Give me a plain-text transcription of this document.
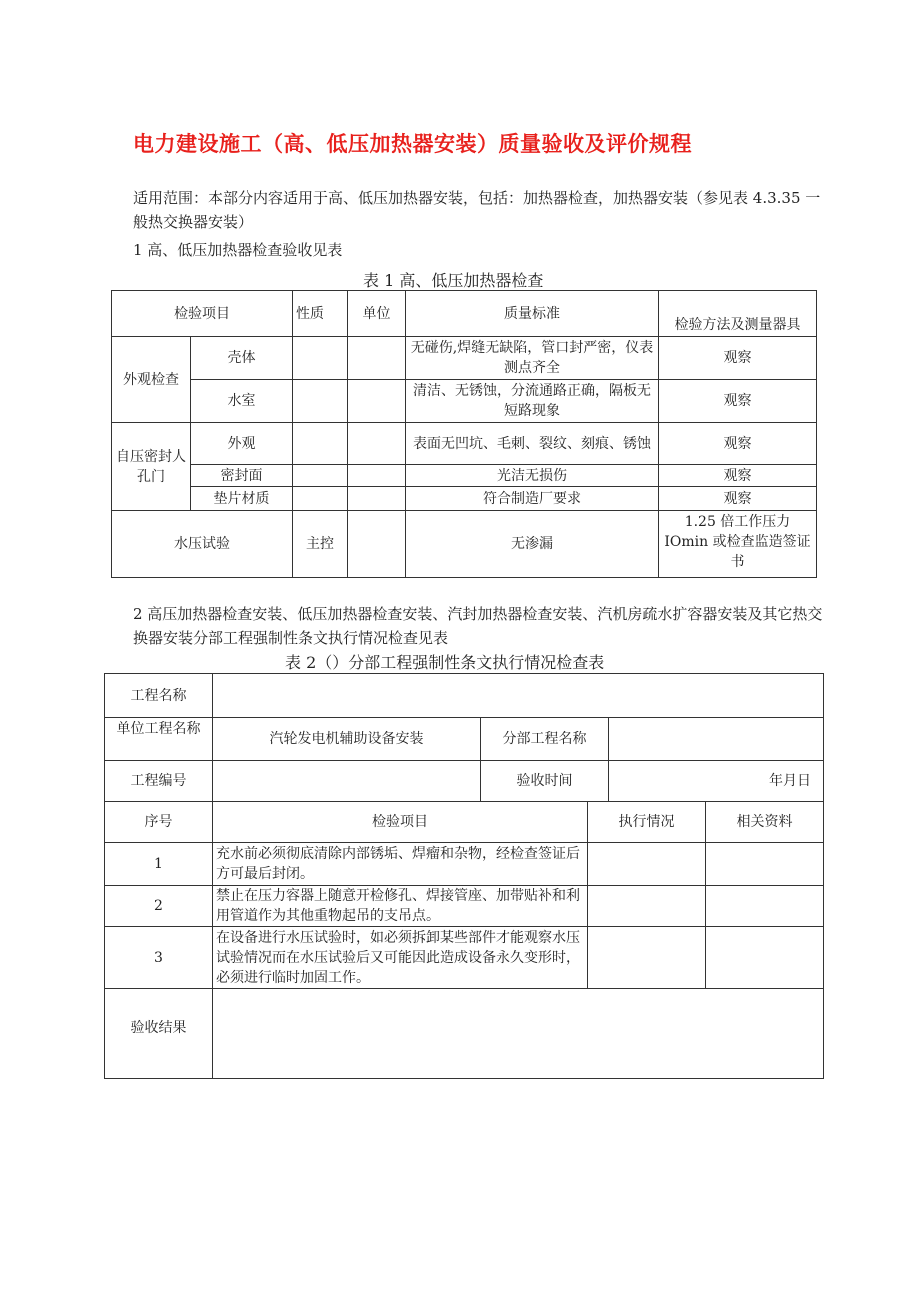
电力建设施工（高、低压加热器安装）质量验收及评价规程

适用范围：本部分内容适用于高、低压加热器安装，包括：加热器检查，加热器安装（参见表 4.3.35 一般热交换器安装）

1 高、低压加热器检查验收见表

表 1 高、低压加热器检查

检验项目		性质	单位	质量标准	检验方法及测量器具
外观检查	壳体			无碰伤,焊缝无缺陷，管口封严密，仪表测点齐全	观察
	水室			清洁、无锈蚀，分流通路正确，隔板无短路现象	观察
自压密封人孔门	外观			表面无凹坑、毛刺、裂纹、刻痕、锈蚀	观察
	密封面			光洁无损伤	观察
	垫片材质			符合制造厂要求	观察
水压试验		主控		无渗漏	1.25 倍工作压力 IOmin 或检查监造签证书

2 高压加热器检查安装、低压加热器检查安装、汽封加热器检查安装、汽机房疏水扩容器安装及其它热交换器安装分部工程强制性条文执行情况检查见表

表 2（）分部工程强制性条文执行情况检查表

工程名称					
单位工程名称	汽轮发电机辅助设备安装	分部工程名称			
工程编号		验收时间		年月日	
序号	检验项目		执行情况		相关资料
1	充水前必须彻底清除内部锈垢、焊瘤和杂物，经检查签证后方可最后封闭。				
2	禁止在压力容器上随意开检修孔、焊接管座、加带贴补和利用管道作为其他重物起吊的支吊点。				
3	在设备进行水压试验时，如必须拆卸某些部件才能观察水压试验情况而在水压试验后又可能因此造成设备永久变形时，必须进行临时加固工作。				
验收结果					
